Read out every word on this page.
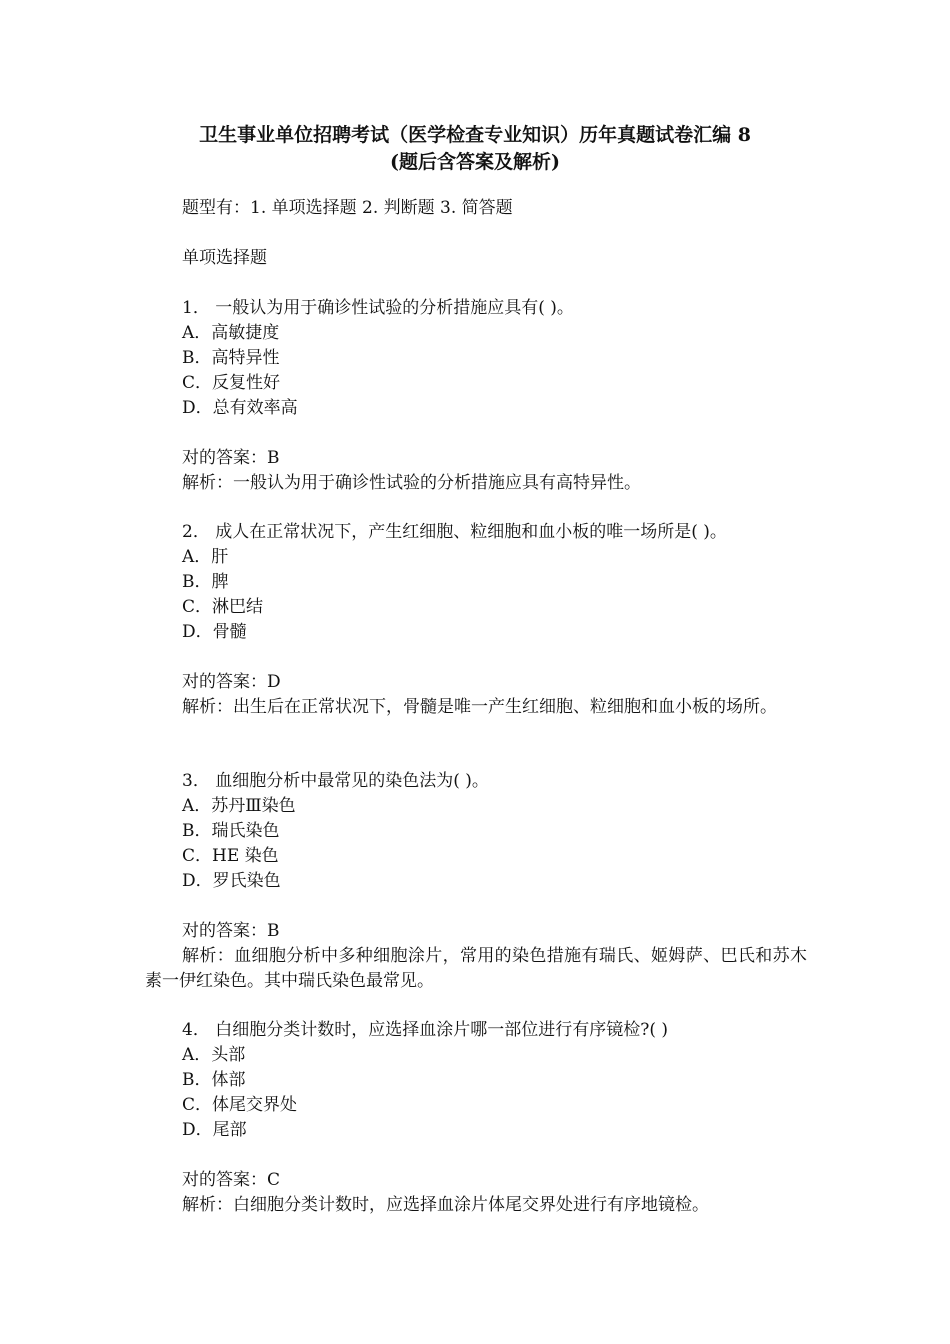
卫生事业单位招聘考试（医学检查专业知识）历年真题试卷汇编 8
(题后含答案及解析)
题型有：1. 单项选择题 2. 判断题 3. 简答题
单项选择题
1． 一般认为用于确诊性试验的分析措施应具有( )。
A．高敏捷度
B．高特异性
C．反复性好
D．总有效率高
对的答案：B
解析：一般认为用于确诊性试验的分析措施应具有高特异性。
2． 成人在正常状况下，产生红细胞、粒细胞和血小板的唯一场所是( )。
A．肝
B．脾
C．淋巴结
D．骨髓
对的答案：D
解析：出生后在正常状况下，骨髓是唯一产生红细胞、粒细胞和血小板的场所。
3． 血细胞分析中最常见的染色法为( )。
A．苏丹Ⅲ染色
B．瑞氏染色
C．HE 染色
D．罗氏染色
对的答案：B
解析：血细胞分析中多种细胞涂片，常用的染色措施有瑞氏、姬姆萨、巴氏和苏木素一伊红染色。其中瑞氏染色最常见。
4． 白细胞分类计数时，应选择血涂片哪一部位进行有序镜检?( )
A．头部
B．体部
C．体尾交界处
D．尾部
对的答案：C
解析：白细胞分类计数时，应选择血涂片体尾交界处进行有序地镜检。
